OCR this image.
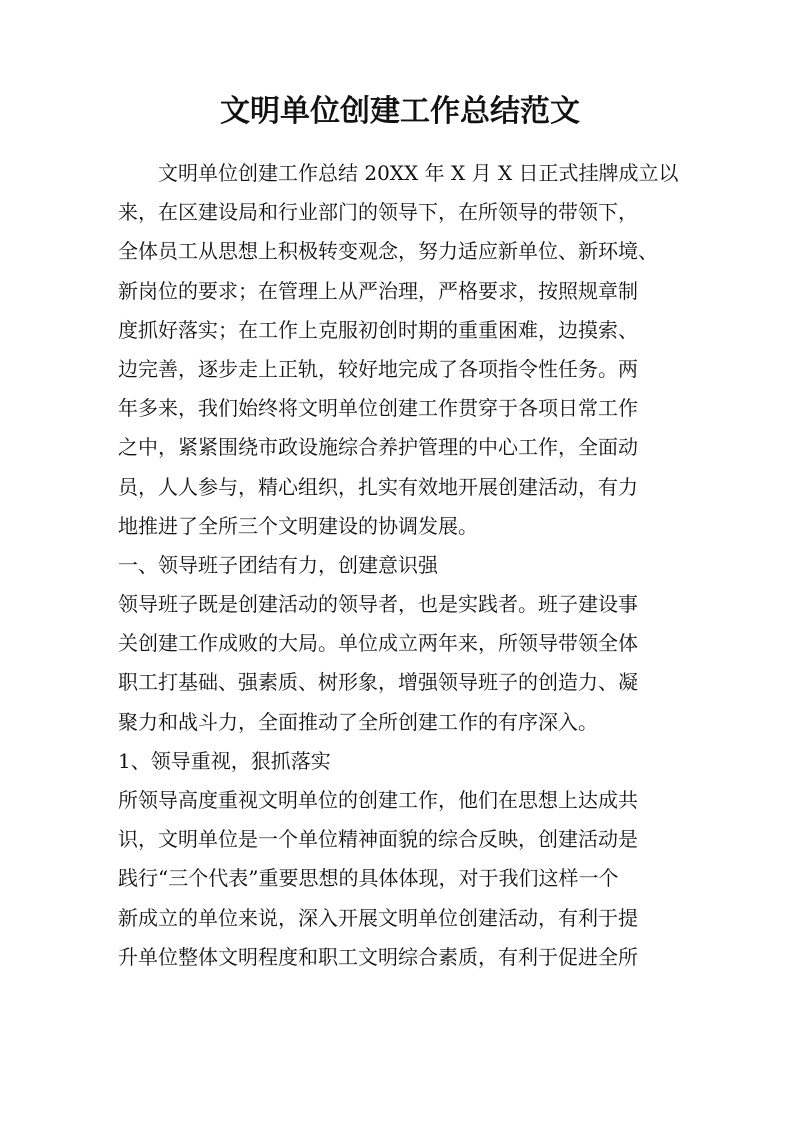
文明单位创建工作总结范文
文明单位创建工作总结 20XX 年 X 月 X 日正式挂牌成立以
来，在区建设局和行业部门的领导下，在所领导的带领下，
全体员工从思想上积极转变观念，努力适应新单位、新环境、
新岗位的要求；在管理上从严治理，严格要求，按照规章制
度抓好落实；在工作上克服初创时期的重重困难，边摸索、
边完善，逐步走上正轨，较好地完成了各项指令性任务。两
年多来，我们始终将文明单位创建工作贯穿于各项日常工作
之中，紧紧围绕市政设施综合养护管理的中心工作，全面动
员，人人参与，精心组织，扎实有效地开展创建活动，有力
地推进了全所三个文明建设的协调发展。
一、领导班子团结有力，创建意识强
领导班子既是创建活动的领导者，也是实践者。班子建设事
关创建工作成败的大局。单位成立两年来，所领导带领全体
职工打基础、强素质、树形象，增强领导班子的创造力、凝
聚力和战斗力，全面推动了全所创建工作的有序深入。
1、领导重视，狠抓落实
所领导高度重视文明单位的创建工作，他们在思想上达成共
识，文明单位是一个单位精神面貌的综合反映，创建活动是
践行“三个代表”重要思想的具体体现，对于我们这样一个
新成立的单位来说，深入开展文明单位创建活动，有利于提
升单位整体文明程度和职工文明综合素质，有利于促进全所
